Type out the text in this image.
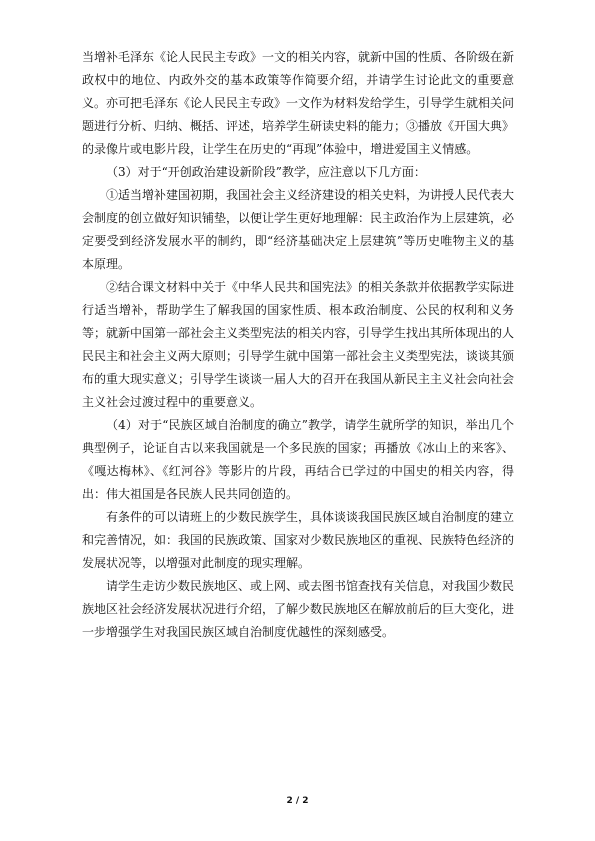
当增补毛泽东《论人民民主专政》一文的相关内容，就新中国的性质、各阶级在新政权中的地位、内政外交的基本政策等作简要介绍，并请学生讨论此文的重要意义。亦可把毛泽东《论人民民主专政》一文作为材料发给学生，引导学生就相关问题进行分析、归纳、概括、评述，培养学生研读史料的能力；③播放《开国大典》的录像片或电影片段，让学生在历史的“再现”体验中，增进爱国主义情感。

（3）对于“开创政治建设新阶段”教学，应注意以下几方面：

①适当增补建国初期，我国社会主义经济建设的相关史料，为讲授人民代表大会制度的创立做好知识铺垫，以便让学生更好地理解：民主政治作为上层建筑，必定要受到经济发展水平的制约，即“经济基础决定上层建筑”等历史唯物主义的基本原理。

②结合课文材料中关于《中华人民共和国宪法》的相关条款并依据教学实际进行适当增补，帮助学生了解我国的国家性质、根本政治制度、公民的权利和义务等；就新中国第一部社会主义类型宪法的相关内容，引导学生找出其所体现出的人民民主和社会主义两大原则；引导学生就中国第一部社会主义类型宪法，谈谈其颁布的重大现实意义；引导学生谈谈一届人大的召开在我国从新民主主义社会向社会主义社会过渡过程中的重要意义。

（4）对于“民族区域自治制度的确立”教学，请学生就所学的知识，举出几个典型例子，论证自古以来我国就是一个多民族的国家；再播放《冰山上的来客》、《嘎达梅林》、《红河谷》等影片的片段，再结合已学过的中国史的相关内容，得出：伟大祖国是各民族人民共同创造的。

有条件的可以请班上的少数民族学生，具体谈谈我国民族区域自治制度的建立和完善情况，如：我国的民族政策、国家对少数民族地区的重视、民族特色经济的发展状况等，以增强对此制度的现实理解。

请学生走访少数民族地区、或上网、或去图书馆查找有关信息，对我国少数民族地区社会经济发展状况进行介绍，了解少数民族地区在解放前后的巨大变化，进一步增强学生对我国民族区域自治制度优越性的深刻感受。

2 / 2
